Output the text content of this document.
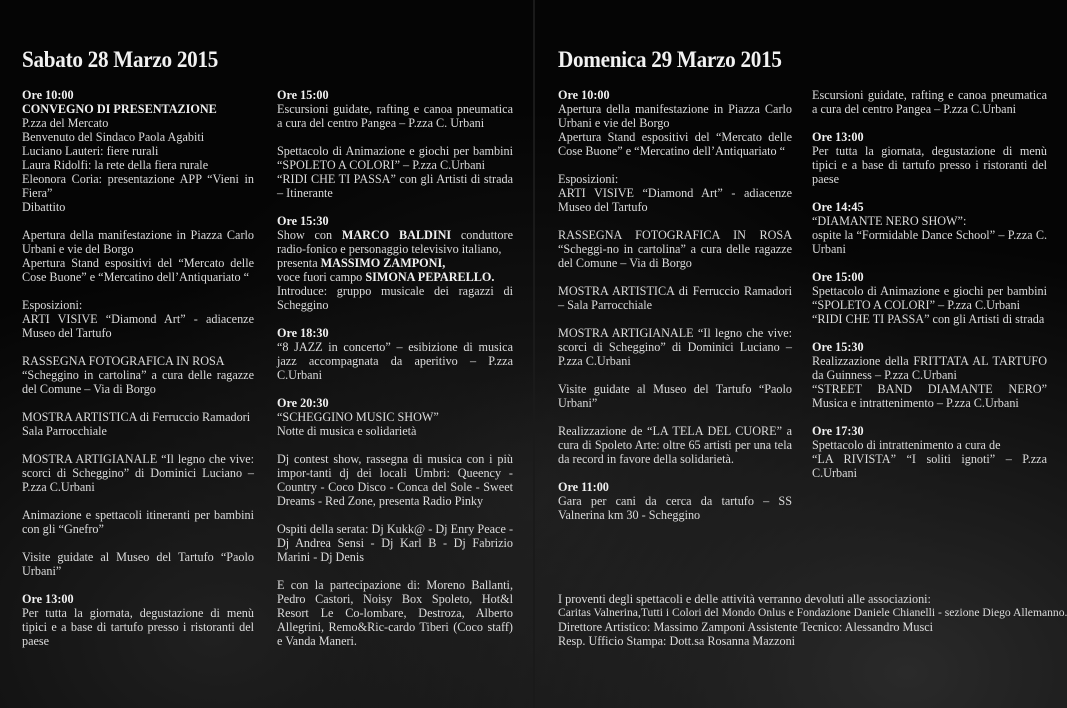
Sabato 28 Marzo 2015
Ore 10:00
CONVEGNO DI PRESENTAZIONE
P.zza del Mercato
Benvenuto del Sindaco Paola Agabiti
Luciano Lauteri: fiere rurali
Laura Ridolfi: la rete della fiera rurale
Eleonora Coria: presentazione APP “Vieni in Fiera”
Dibattito
Apertura della manifestazione in Piazza Carlo Urbani e vie del Borgo
Apertura Stand espositivi del “Mercato delle Cose Buone” e “Mercatino dell’Antiquariato “
Esposizioni:
ARTI VISIVE “Diamond Art” - adiacenze Museo del Tartufo
RASSEGNA FOTOGRAFICA IN ROSA
“Scheggino in cartolina” a cura delle ragazze del Comune – Via di Borgo
MOSTRA ARTISTICA di Ferruccio Ramadori
Sala Parrocchiale
MOSTRA ARTIGIANALE “Il legno che vive: scorci di Scheggino” di Dominici Luciano – P.zza C.Urbani
Animazione e spettacoli itineranti per bambini con gli “Gnefro”
Visite guidate al Museo del Tartufo “Paolo Urbani”
Ore 13:00
Per tutta la giornata, degustazione di menù tipici e a base di tartufo presso i ristoranti del paese
Ore 15:00
Escursioni guidate, rafting e canoa pneumatica a cura del centro Pangea – P.zza C. Urbani
Spettacolo di Animazione e giochi per bambini “SPOLETO A COLORI” – P.zza C.Urbani
“RIDI CHE TI PASSA” con gli Artisti di strada – Itinerante
Ore 15:30
Show con MARCO BALDINI conduttore radio-fonico e personaggio televisivo italiano,
presenta MASSIMO ZAMPONI,
voce fuori campo SIMONA PEPARELLO.
Introduce: gruppo musicale dei ragazzi di Scheggino
Ore 18:30
“8 JAZZ in concerto” – esibizione di musica jazz accompagnata da aperitivo – P.zza C.Urbani
Ore 20:30
“SCHEGGINO MUSIC SHOW”
Notte di musica e solidarietà
Dj contest show, rassegna di musica con i più impor-tanti dj dei locali Umbri: Queency - Country - Coco Disco - Conca del Sole - Sweet Dreams - Red Zone, presenta Radio Pinky
Ospiti della serata: Dj Kukk@ - Dj Enry Peace - Dj Andrea Sensi - Dj Karl B - Dj Fabrizio Marini - Dj Denis
E con la partecipazione di: Moreno Ballanti, Pedro Castori, Noisy Box Spoleto, Hot&l Resort Le Co-lombare, Destroza, Alberto Allegrini, Remo&Ric-cardo Tiberi (Coco staff) e Vanda Maneri.
Domenica 29 Marzo 2015
Ore 10:00
Apertura della manifestazione in Piazza Carlo Urbani e vie del Borgo
Apertura Stand espositivi del “Mercato delle Cose Buone” e “Mercatino dell’Antiquariato “
Esposizioni:
ARTI VISIVE “Diamond Art” - adiacenze Museo del Tartufo
RASSEGNA FOTOGRAFICA IN ROSA “Scheggi-no in cartolina” a cura delle ragazze del Comune – Via di Borgo
MOSTRA ARTISTICA di Ferruccio Ramadori – Sala Parrocchiale
MOSTRA ARTIGIANALE “Il legno che vive: scorci di Scheggino” di Dominici Luciano – P.zza C.Urbani
Visite guidate al Museo del Tartufo “Paolo Urbani”
Realizzazione de “LA TELA DEL CUORE” a cura di Spoleto Arte: oltre 65 artisti per una tela da record in favore della solidarietà.
Ore 11:00
Gara per cani da cerca da tartufo – SS Valnerina km 30 - Scheggino
Escursioni guidate, rafting e canoa pneumatica a cura del centro Pangea – P.zza C.Urbani
Ore 13:00
Per tutta la giornata, degustazione di menù tipici e a base di tartufo presso i ristoranti del paese
Ore 14:45
“DIAMANTE NERO SHOW”:
ospite la “Formidable Dance School” – P.zza C. Urbani
Ore 15:00
Spettacolo di Animazione e giochi per bambini “SPOLETO A COLORI” – P.zza C.Urbani
“RIDI CHE TI PASSA” con gli Artisti di strada
Ore 15:30
Realizzazione della FRITTATA AL TARTUFO da Guinness – P.zza C.Urbani
“STREET BAND DIAMANTE NERO” Musica e intrattenimento – P.zza C.Urbani
Ore 17:30
Spettacolo di intrattenimento a cura de
“LA RIVISTA” “I soliti ignoti” – P.zza C.Urbani
I proventi degli spettacoli e delle attività verranno devoluti alle associazioni:
Caritas Valnerina,Tutti i Colori del Mondo Onlus e Fondazione Daniele Chianelli - sezione Diego Allemanno.
Direttore Artistico: Massimo Zamponi Assistente Tecnico: Alessandro Musci
Resp. Ufficio Stampa: Dott.sa Rosanna Mazzoni
